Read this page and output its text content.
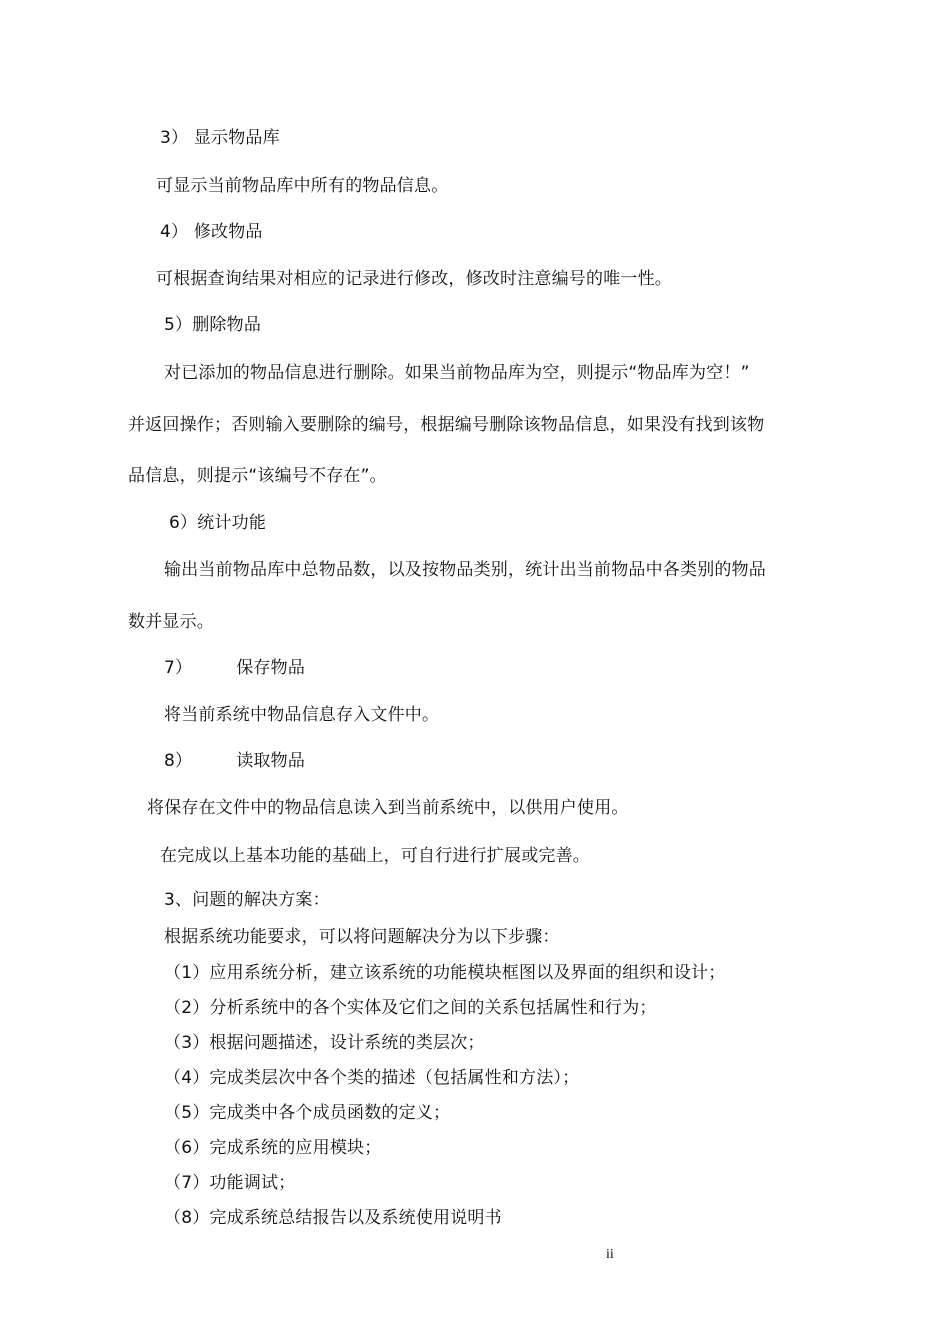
3） 显示物品库
可显示当前物品库中所有的物品信息。
4） 修改物品
可根据查询结果对相应的记录进行修改，修改时注意编号的唯一性。
5）删除物品
对已添加的物品信息进行删除。如果当前物品库为空，则提示“物品库为空！”
并返回操作；否则输入要删除的编号，根据编号删除该物品信息，如果没有找到该物
品信息，则提示“该编号不存在”。
6）统计功能
输出当前物品库中总物品数，以及按物品类别，统计出当前物品中各类别的物品
数并显示。
7）	保存物品
将当前系统中物品信息存入文件中。
8）	读取物品
将保存在文件中的物品信息读入到当前系统中，以供用户使用。
在完成以上基本功能的基础上，可自行进行扩展或完善。
3、问题的解决方案：
根据系统功能要求，可以将问题解决分为以下步骤：
（1）应用系统分析，建立该系统的功能模块框图以及界面的组织和设计；
（2）分析系统中的各个实体及它们之间的关系包括属性和行为；
（3）根据问题描述，设计系统的类层次；
（4）完成类层次中各个类的描述（包括属性和方法）；
（5）完成类中各个成员函数的定义；
（6）完成系统的应用模块；
（7）功能调试；
（8）完成系统总结报告以及系统使用说明书
ii
